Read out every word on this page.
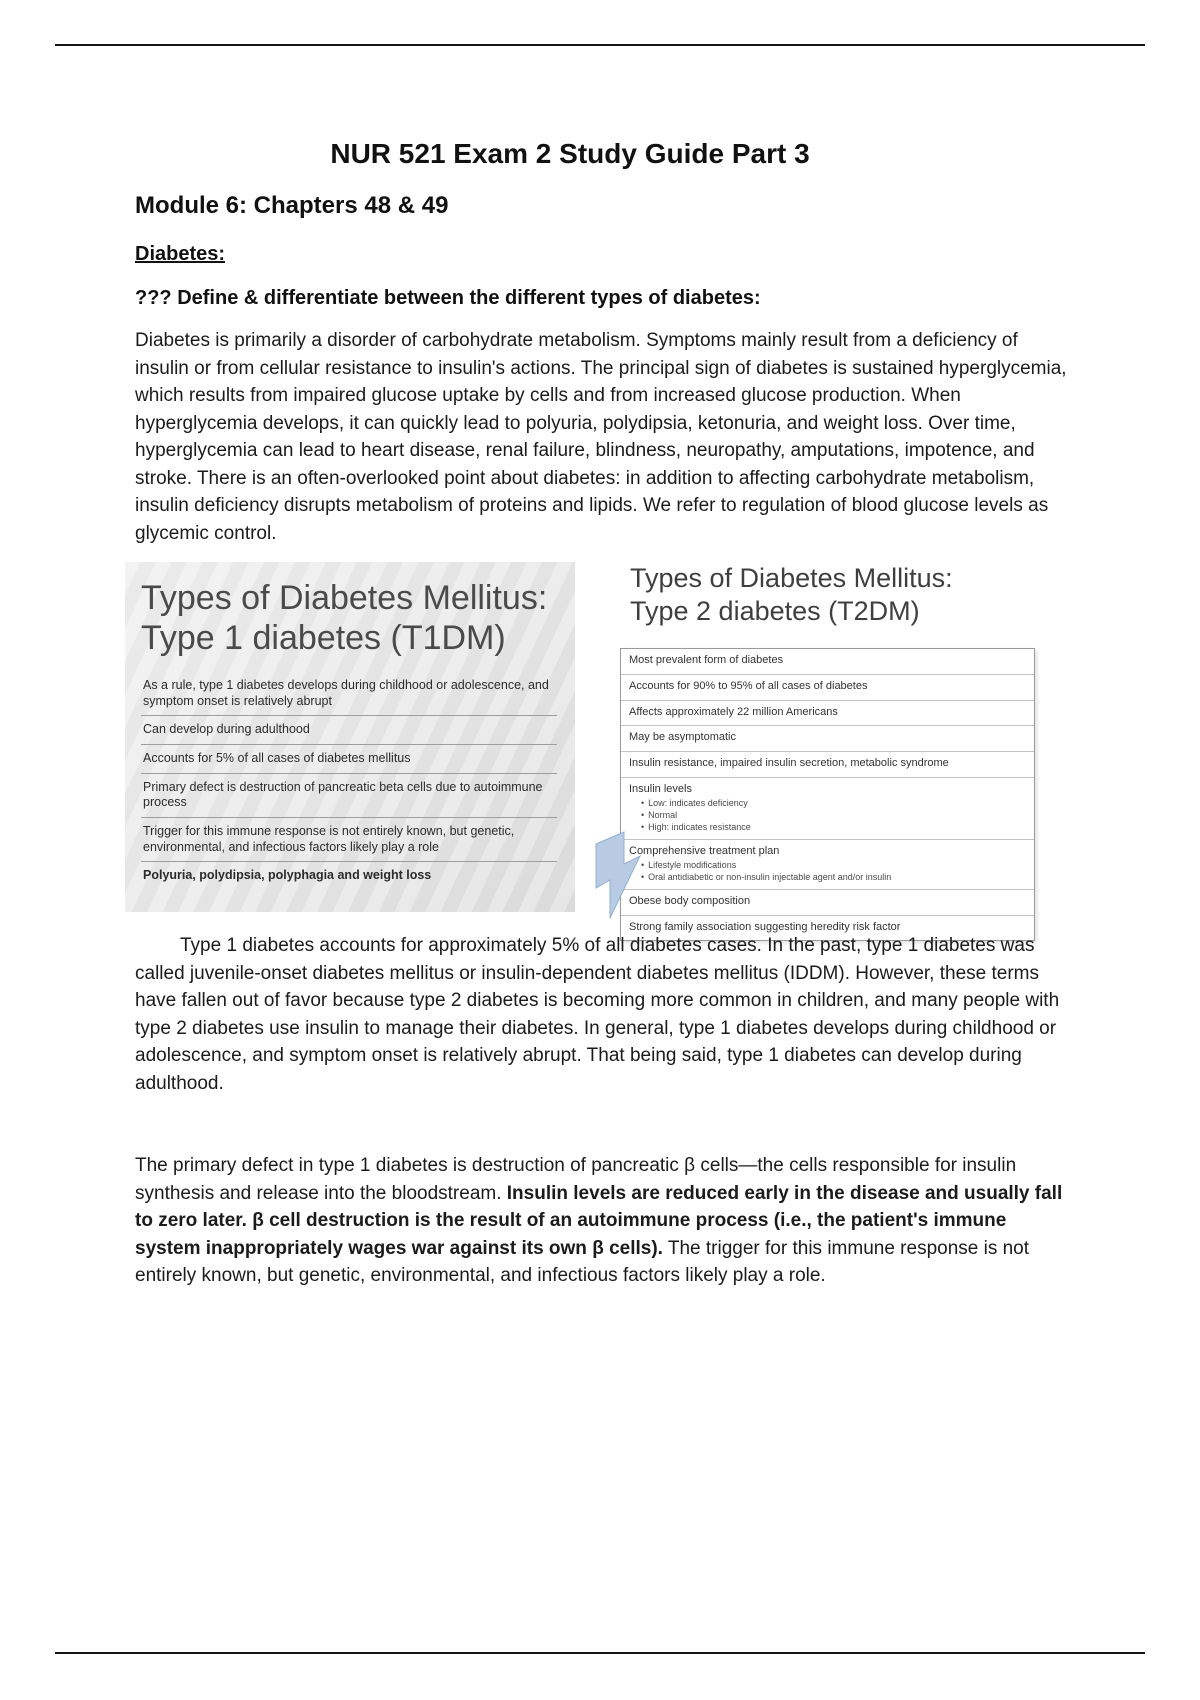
NUR 521 Exam 2 Study Guide Part 3
Module 6: Chapters 48 & 49
Diabetes:
??? Define & differentiate between the different types of diabetes:
Diabetes is primarily a disorder of carbohydrate metabolism. Symptoms mainly result from a deficiency of insulin or from cellular resistance to insulin's actions. The principal sign of diabetes is sustained hyperglycemia, which results from impaired glucose uptake by cells and from increased glucose production. When hyperglycemia develops, it can quickly lead to polyuria, polydipsia, ketonuria, and weight loss. Over time, hyperglycemia can lead to heart disease, renal failure, blindness, neuropathy, amputations, impotence, and stroke. There is an often-overlooked point about diabetes: in addition to affecting carbohydrate metabolism, insulin deficiency disrupts metabolism of proteins and lipids. We refer to regulation of blood glucose levels as glycemic control.
Types of Diabetes Mellitus:
Type 1 diabetes (T1DM)
As a rule, type 1 diabetes develops during childhood or adolescence, and symptom onset is relatively abrupt
Can develop during adulthood
Accounts for 5% of all cases of diabetes mellitus
Primary defect is destruction of pancreatic beta cells due to autoimmune process
Trigger for this immune response is not entirely known, but genetic, environmental, and infectious factors likely play a role
Polyuria, polydipsia, polyphagia and weight loss
Types of Diabetes Mellitus:
Type 2 diabetes (T2DM)
Most prevalent form of diabetes
Accounts for 90% to 95% of all cases of diabetes
Affects approximately 22 million Americans
May be asymptomatic
Insulin resistance, impaired insulin secretion, metabolic syndrome
Insulin levels
• Low: indicates deficiency
• Normal
• High: indicates resistance
Comprehensive treatment plan
• Lifestyle modifications
• Oral antidiabetic or non-insulin injectable agent and/or insulin
Obese body composition
Strong family association suggesting heredity risk factor
Type 1 diabetes accounts for approximately 5% of all diabetes cases. In the past, type 1 diabetes was called juvenile-onset diabetes mellitus or insulin-dependent diabetes mellitus (IDDM). However, these terms have fallen out of favor because type 2 diabetes is becoming more common in children, and many people with type 2 diabetes use insulin to manage their diabetes. In general, type 1 diabetes develops during childhood or adolescence, and symptom onset is relatively abrupt. That being said, type 1 diabetes can develop during adulthood.
The primary defect in type 1 diabetes is destruction of pancreatic β cells—the cells responsible for insulin synthesis and release into the bloodstream. Insulin levels are reduced early in the disease and usually fall to zero later. β cell destruction is the result of an autoimmune process (i.e., the patient's immune system inappropriately wages war against its own β cells). The trigger for this immune response is not entirely known, but genetic, environmental, and infectious factors likely play a role.
